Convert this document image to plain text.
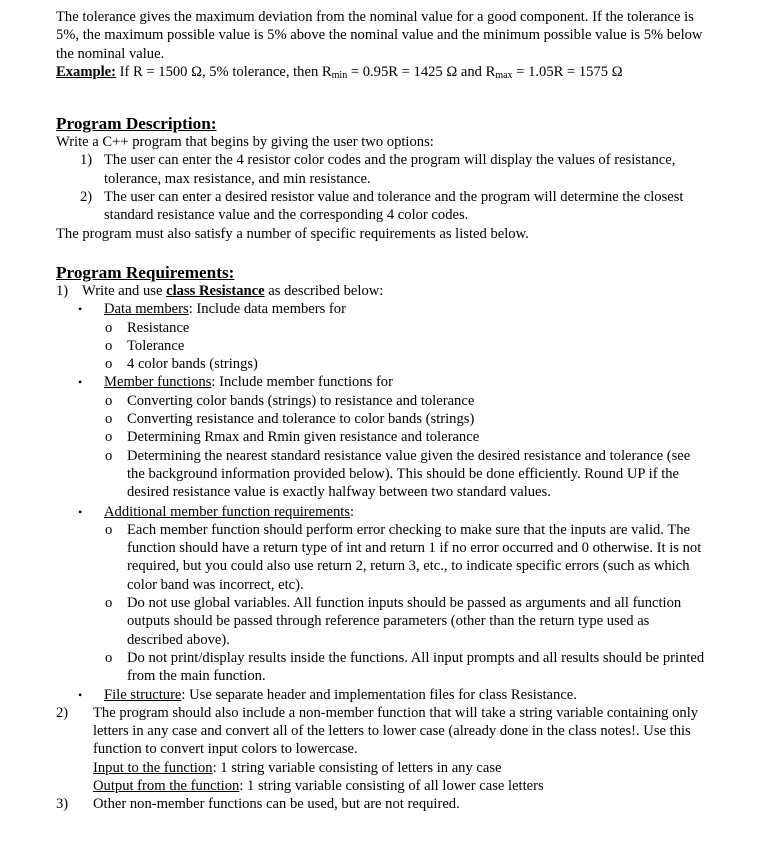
The tolerance gives the maximum deviation from the nominal value for a good component. If the tolerance is 5%, the maximum possible value is 5% above the nominal value and the minimum possible value is 5% below the nominal value.

Example: If R = 1500 Ω, 5% tolerance, then $R_{min} = 0.95R = 1425$ Ω and $R_{max} = 1.05R = 1575$ Ω

Program Description:

Write a C++ program that begins by giving the user two options:

1) The user can enter the 4 resistor color codes and the program will display the values of resistance, tolerance, max resistance, and min resistance.

2) The user can enter a desired resistor value and tolerance and the program will determine the closest standard resistance value and the corresponding 4 color codes.

The program must also satisfy a number of specific requirements as listed below.

Program Requirements:

1) Write and use class Resistance as described below:

• Data members: Include data members for

o Resistance

o Tolerance

o 4 color bands (strings)

• Member functions: Include member functions for

o Converting color bands (strings) to resistance and tolerance

o Converting resistance and tolerance to color bands (strings)

o Determining Rmax and Rmin given resistance and tolerance

o Determining the nearest standard resistance value given the desired resistance and tolerance (see the background information provided below). This should be done efficiently. Round UP if the desired resistance value is exactly halfway between two standard values.

• Additional member function requirements:

o Each member function should perform error checking to make sure that the inputs are valid. The function should have a return type of int and return 1 if no error occurred and 0 otherwise. It is not required, but you could also use return 2, return 3, etc., to indicate specific errors (such as which color band was incorrect, etc).

o Do not use global variables. All function inputs should be passed as arguments and all function outputs should be passed through reference parameters (other than the return type used as described above).

o Do not print/display results inside the functions. All input prompts and all results should be printed from the main function.

• File structure: Use separate header and implementation files for class Resistance.

2) The program should also include a non-member function that will take a string variable containing only letters in any case and convert all of the letters to lower case (already done in the class notes!. Use this function to convert input colors to lowercase.

Input to the function: 1 string variable consisting of letters in any case

Output from the function: 1 string variable consisting of all lower case letters

3) Other non-member functions can be used, but are not required.
